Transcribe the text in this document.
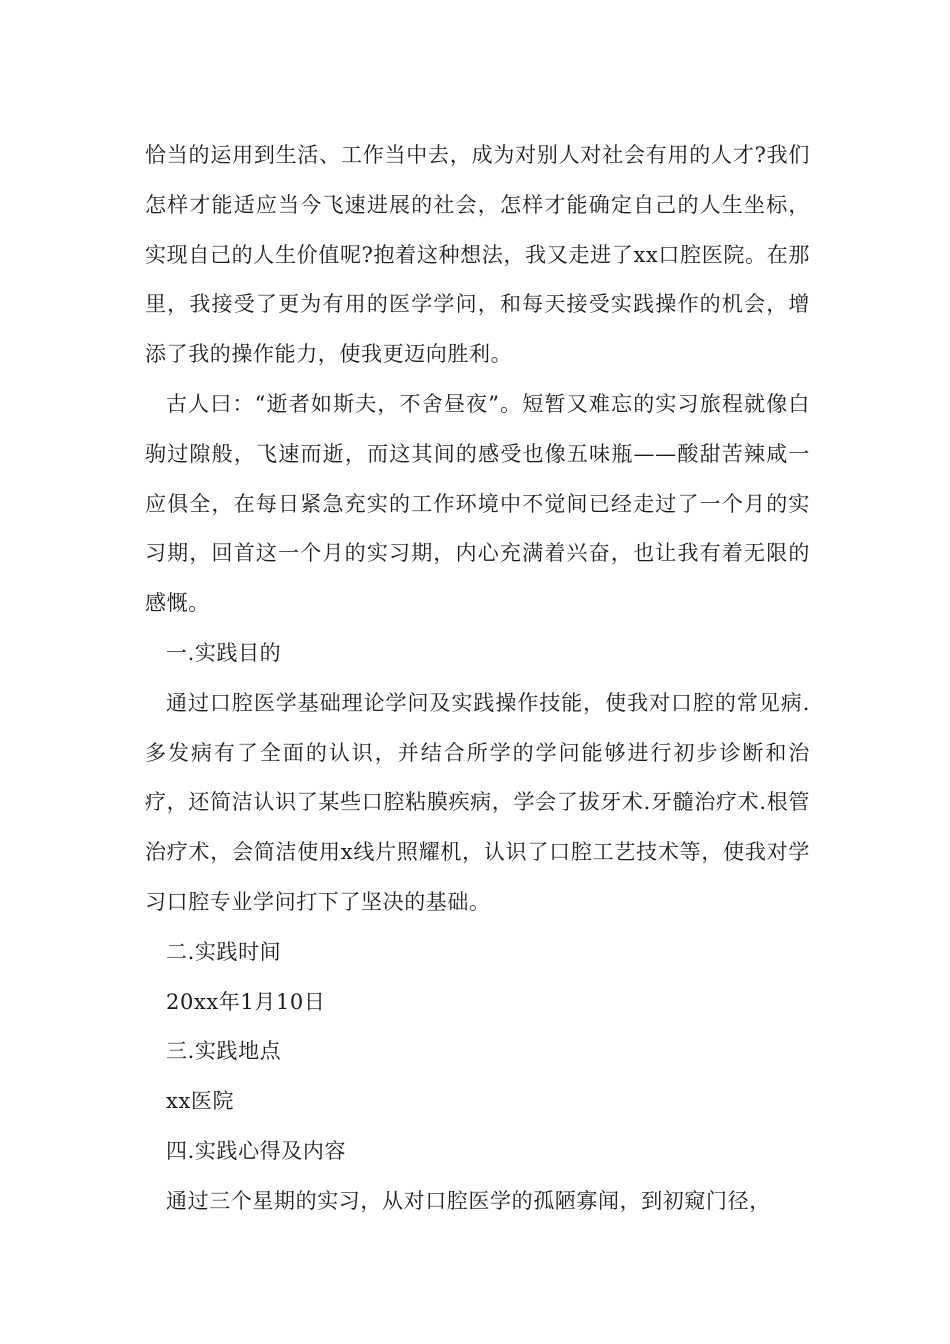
恰当的运用到生活、工作当中去，成为对别人对社会有用的人才?我们怎样才能适应当今飞速进展的社会，怎样才能确定自己的人生坐标，实现自己的人生价值呢?抱着这种想法，我又走进了xx口腔医院。在那里，我接受了更为有用的医学学问，和每天接受实践操作的机会，增添了我的操作能力，使我更迈向胜利。

古人曰：“逝者如斯夫，不舍昼夜”。短暂又难忘的实习旅程就像白驹过隙般，飞速而逝，而这其间的感受也像五味瓶——酸甜苦辣咸一应俱全，在每日紧急充实的工作环境中不觉间已经走过了一个月的实习期，回首这一个月的实习期，内心充满着兴奋，也让我有着无限的感慨。

一.实践目的

通过口腔医学基础理论学问及实践操作技能，使我对口腔的常见病.多发病有了全面的认识，并结合所学的学问能够进行初步诊断和治疗，还简洁认识了某些口腔粘膜疾病，学会了拔牙术.牙髓治疗术.根管治疗术，会简洁使用x线片照耀机，认识了口腔工艺技术等，使我对学习口腔专业学问打下了坚决的基础。

二.实践时间

20xx年1月10日

三.实践地点

xx医院

四.实践心得及内容

通过三个星期的实习，从对口腔医学的孤陋寡闻，到初窥门径，
